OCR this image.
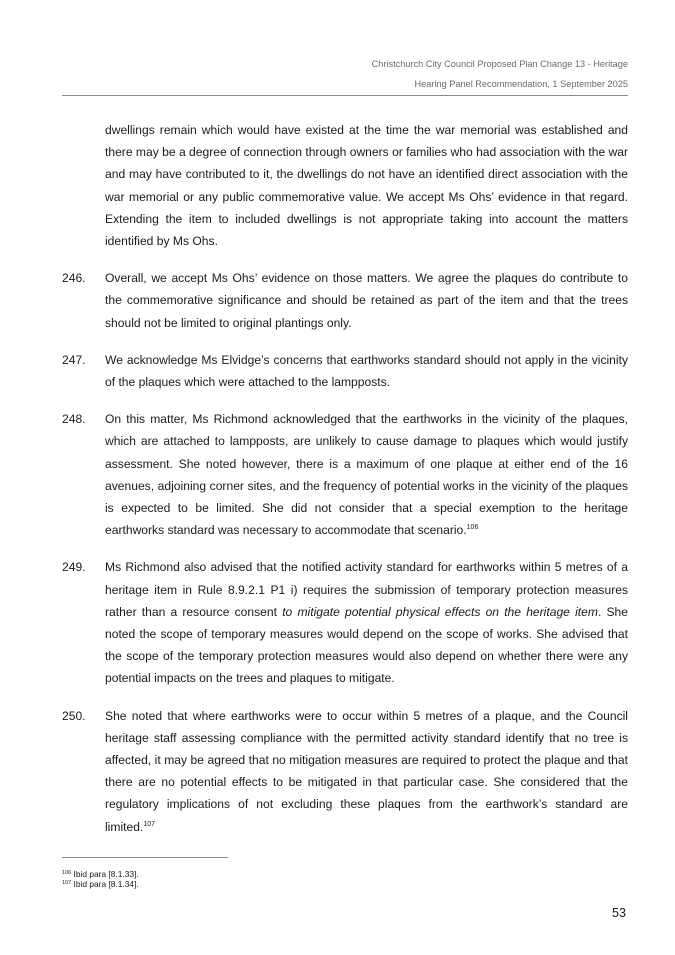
Christchurch City Council Proposed Plan Change 13 - Heritage
Hearing Panel Recommendation, 1 September 2025

dwellings remain which would have existed at the time the war memorial was established and there may be a degree of connection through owners or families who had association with the war and may have contributed to it, the dwellings do not have an identified direct association with the war memorial or any public commemorative value. We accept Ms Ohs’ evidence in that regard. Extending the item to included dwellings is not appropriate taking into account the matters identified by Ms Ohs.

246. Overall, we accept Ms Ohs’ evidence on those matters. We agree the plaques do contribute to the commemorative significance and should be retained as part of the item and that the trees should not be limited to original plantings only.

247. We acknowledge Ms Elvidge’s concerns that earthworks standard should not apply in the vicinity of the plaques which were attached to the lampposts.

248. On this matter, Ms Richmond acknowledged that the earthworks in the vicinity of the plaques, which are attached to lampposts, are unlikely to cause damage to plaques which would justify assessment. She noted however, there is a maximum of one plaque at either end of the 16 avenues, adjoining corner sites, and the frequency of potential works in the vicinity of the plaques is expected to be limited. She did not consider that a special exemption to the heritage earthworks standard was necessary to accommodate that scenario.$^{106}$

249. Ms Richmond also advised that the notified activity standard for earthworks within 5 metres of a heritage item in Rule 8.9.2.1 P1 i) requires the submission of temporary protection measures rather than a resource consent to mitigate potential physical effects on the heritage item. She noted the scope of temporary measures would depend on the scope of works. She advised that the scope of the temporary protection measures would also depend on whether there were any potential impacts on the trees and plaques to mitigate.

250. She noted that where earthworks were to occur within 5 metres of a plaque, and the Council heritage staff assessing compliance with the permitted activity standard identify that no tree is affected, it may be agreed that no mitigation measures are required to protect the plaque and that there are no potential effects to be mitigated in that particular case. She considered that the regulatory implications of not excluding these plaques from the earthwork’s standard are limited.$^{107}$

$^{106}$ Ibid para [8.1.33].
$^{107}$ Ibid para [8.1.34].
53
